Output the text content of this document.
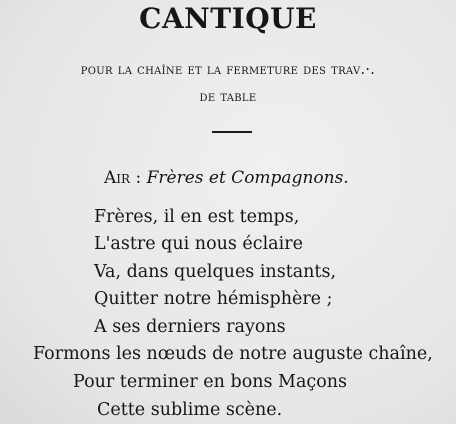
CANTIQUE
pour la chaîne et la fermeture des trav.·.
de table
Air : Frères et Compagnons.
Frères, il en est temps,
L'astre qui nous éclaire
Va, dans quelques instants,
Quitter notre hémisphère ;
A ses derniers rayons
Formons les nœuds de notre auguste chaîne,
Pour terminer en bons Maçons
Cette sublime scène.
